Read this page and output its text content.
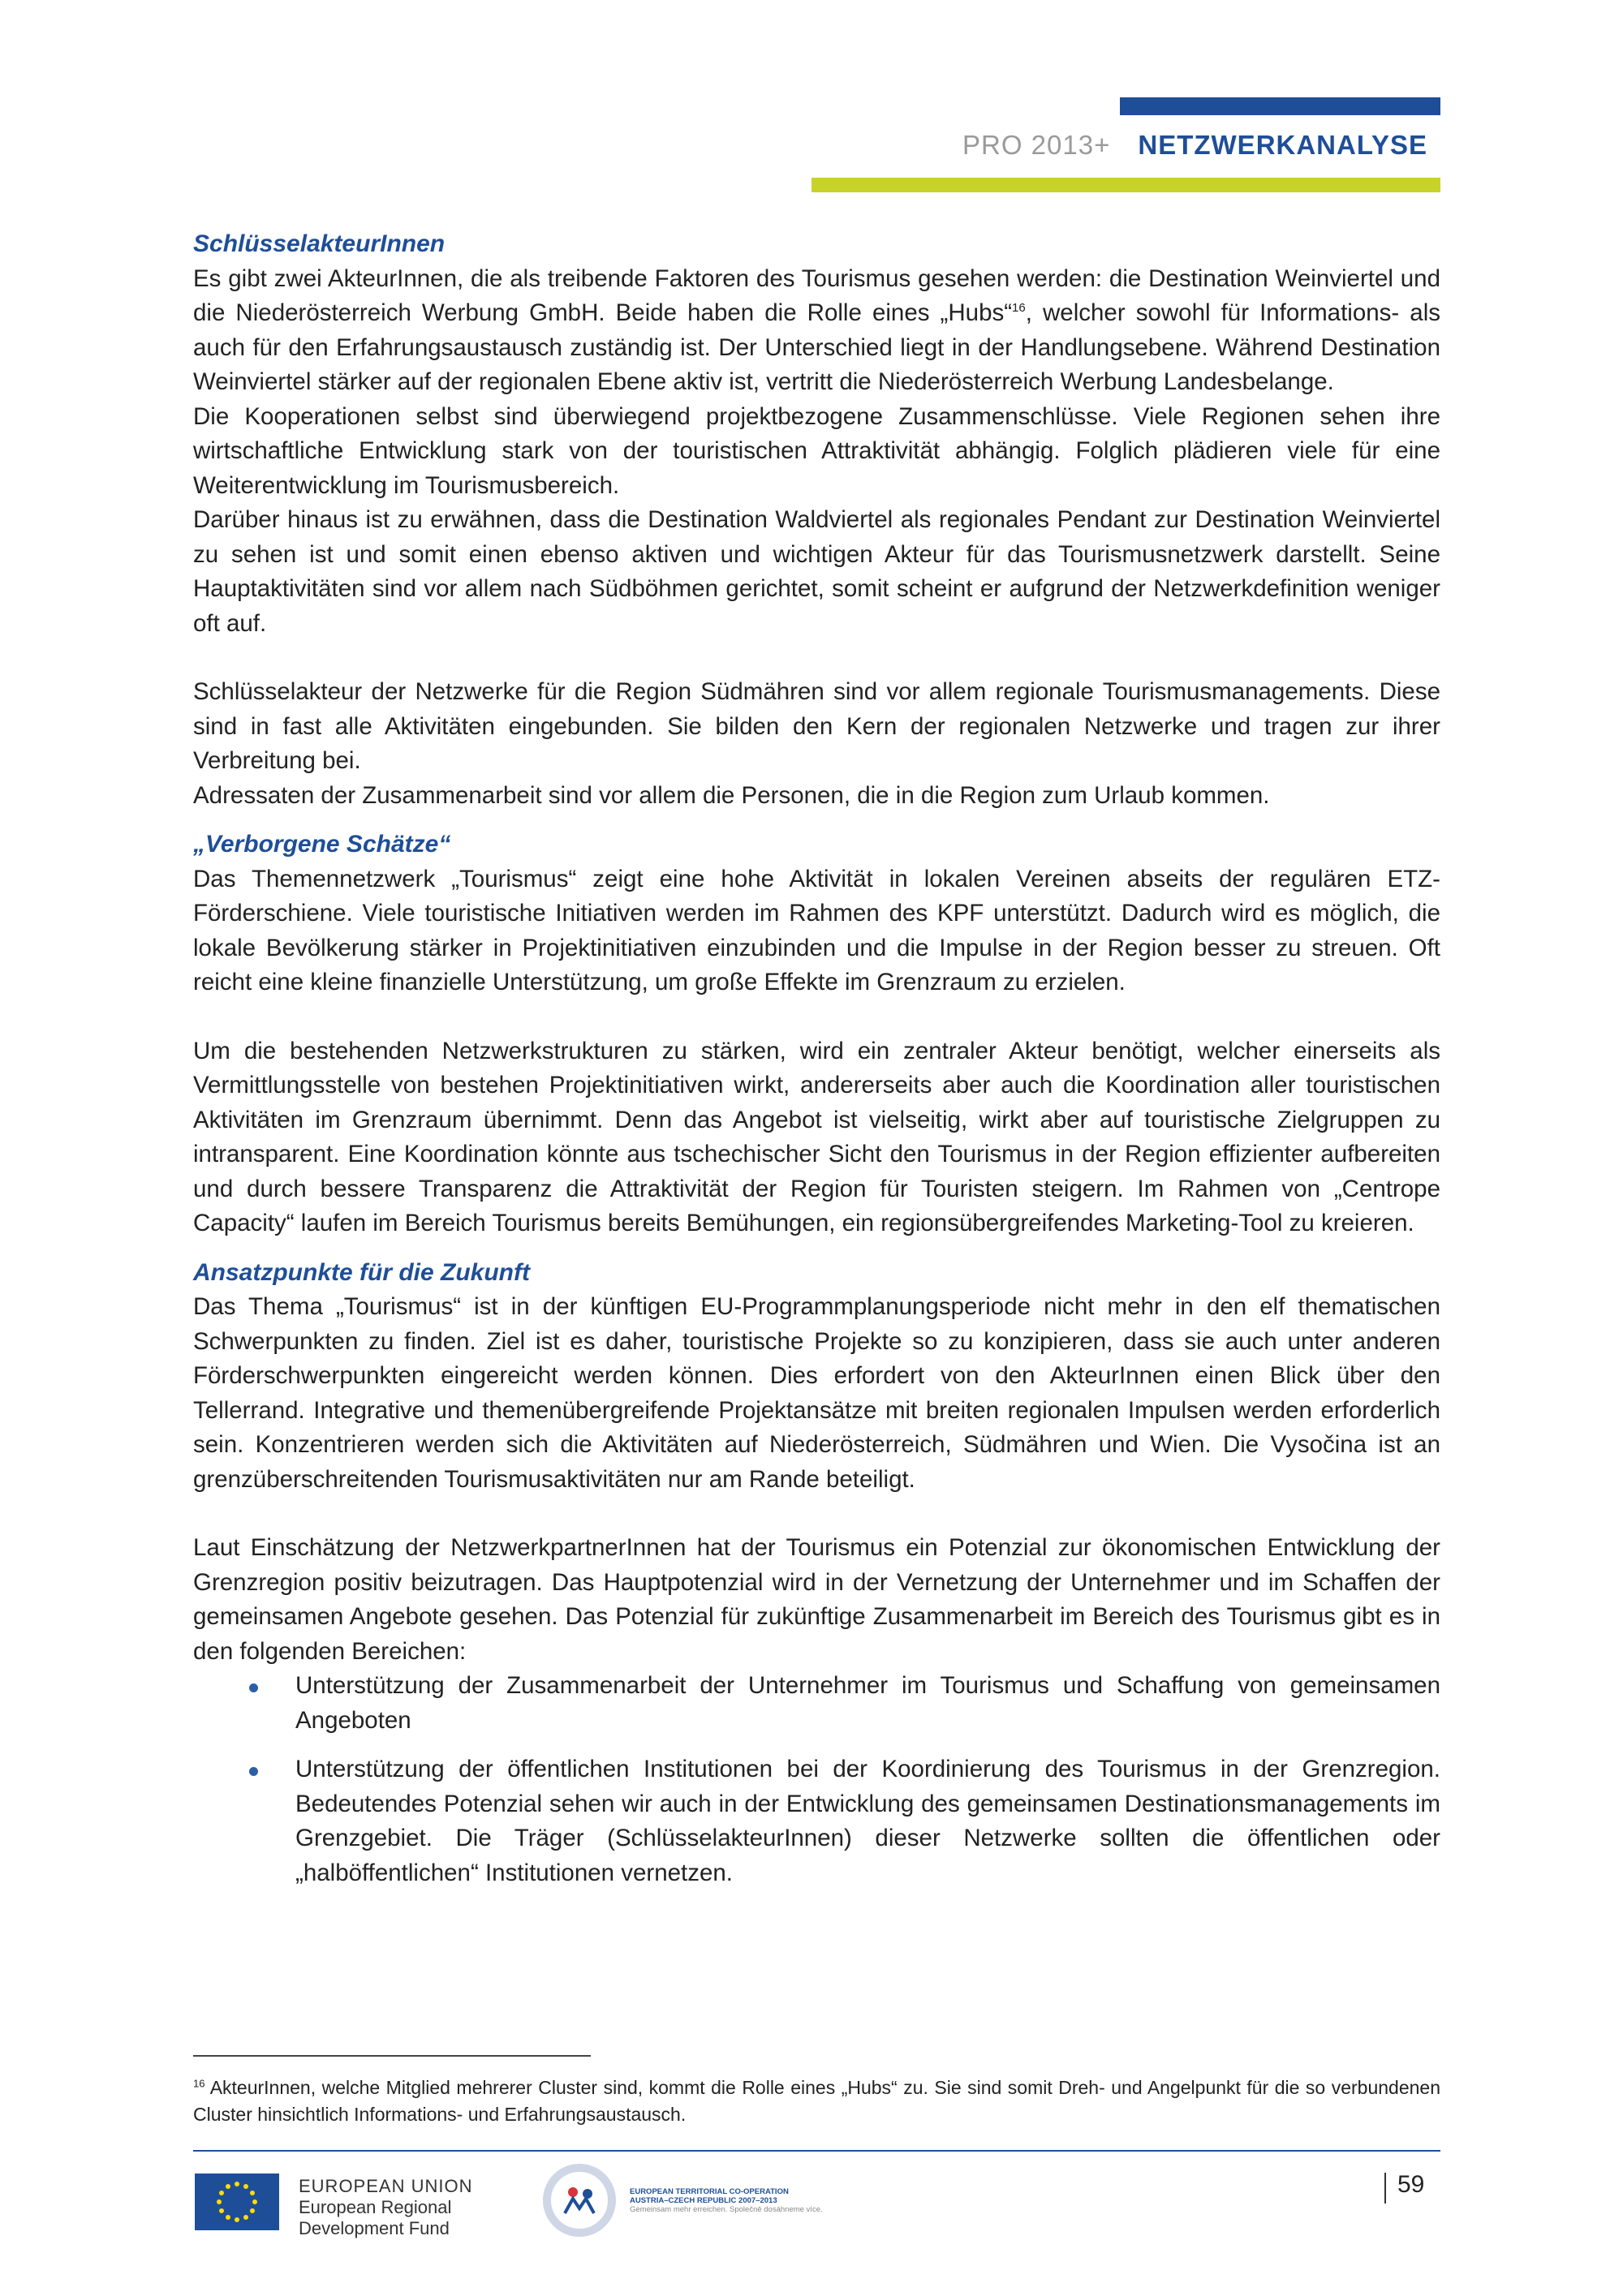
PRO 2013+ NETZWERKANALYSE
SchlüsselakteurInnen

Es gibt zwei AkteurInnen, die als treibende Faktoren des Tourismus gesehen werden: die Destination Weinviertel und die Niederösterreich Werbung GmbH. Beide haben die Rolle eines „Hubs“$^{16}$, welcher sowohl für Informations- als auch für den Erfahrungsaustausch zuständig ist. Der Unterschied liegt in der Handlungsebene. Während Destination Weinviertel stärker auf der regionalen Ebene aktiv ist, vertritt die Niederösterreich Werbung Landesbelange.

Die Kooperationen selbst sind überwiegend projektbezogene Zusammenschlüsse. Viele Regionen sehen ihre wirtschaftliche Entwicklung stark von der touristischen Attraktivität abhängig. Folglich plädieren viele für eine Weiterentwicklung im Tourismusbereich.

Darüber hinaus ist zu erwähnen, dass die Destination Waldviertel als regionales Pendant zur Destination Weinviertel zu sehen ist und somit einen ebenso aktiven und wichtigen Akteur für das Tourismusnetzwerk darstellt. Seine Hauptaktivitäten sind vor allem nach Südböhmen gerichtet, somit scheint er aufgrund der Netzwerkdefinition weniger oft auf.

Schlüsselakteur der Netzwerke für die Region Südmähren sind vor allem regionale Tourismusmanagements. Diese sind in fast alle Aktivitäten eingebunden. Sie bilden den Kern der regionalen Netzwerke und tragen zur ihrer Verbreitung bei.

Adressaten der Zusammenarbeit sind vor allem die Personen, die in die Region zum Urlaub kommen.

„Verborgene Schätze“

Das Themennetzwerk „Tourismus“ zeigt eine hohe Aktivität in lokalen Vereinen abseits der regulären ETZ-Förderschiene. Viele touristische Initiativen werden im Rahmen des KPF unterstützt. Dadurch wird es möglich, die lokale Bevölkerung stärker in Projektinitiativen einzubinden und die Impulse in der Region besser zu streuen. Oft reicht eine kleine finanzielle Unterstützung, um große Effekte im Grenzraum zu erzielen.

Um die bestehenden Netzwerkstrukturen zu stärken, wird ein zentraler Akteur benötigt, welcher einerseits als Vermittlungsstelle von bestehen Projektinitiativen wirkt, andererseits aber auch die Koordination aller touristischen Aktivitäten im Grenzraum übernimmt. Denn das Angebot ist vielseitig, wirkt aber auf touristische Zielgruppen zu intransparent. Eine Koordination könnte aus tschechischer Sicht den Tourismus in der Region effizienter aufbereiten und durch bessere Transparenz die Attraktivität der Region für Touristen steigern. Im Rahmen von „Centrope Capacity“ laufen im Bereich Tourismus bereits Bemühungen, ein regionsübergreifendes Marketing-Tool zu kreieren.

Ansatzpunkte für die Zukunft

Das Thema „Tourismus“ ist in der künftigen EU-Programmplanungsperiode nicht mehr in den elf thematischen Schwerpunkten zu finden. Ziel ist es daher, touristische Projekte so zu konzipieren, dass sie auch unter anderen Förderschwerpunkten eingereicht werden können. Dies erfordert von den AkteurInnen einen Blick über den Tellerrand. Integrative und themenübergreifende Projektansätze mit breiten regionalen Impulsen werden erforderlich sein. Konzentrieren werden sich die Aktivitäten auf Niederösterreich, Südmähren und Wien. Die Vysočina ist an grenzüberschreitenden Tourismusaktivitäten nur am Rande beteiligt.

Laut Einschätzung der NetzwerkpartnerInnen hat der Tourismus ein Potenzial zur ökonomischen Entwicklung der Grenzregion positiv beizutragen. Das Hauptpotenzial wird in der Vernetzung der Unternehmer und im Schaffen der gemeinsamen Angebote gesehen. Das Potenzial für zukünftige Zusammenarbeit im Bereich des Tourismus gibt es in den folgenden Bereichen:

Unterstützung der Zusammenarbeit der Unternehmer im Tourismus und Schaffung von gemeinsamen Angeboten

Unterstützung der öffentlichen Institutionen bei der Koordinierung des Tourismus in der Grenzregion. Bedeutendes Potenzial sehen wir auch in der Entwicklung des gemeinsamen Destinationsmanagements im Grenzgebiet. Die Träger (SchlüsselakteurInnen) dieser Netzwerke sollten die öffentlichen oder „halböffentlichen“ Institutionen vernetzen.

$^{16}$ AkteurInnen, welche Mitglied mehrerer Cluster sind, kommt die Rolle eines „Hubs“ zu. Sie sind somit Dreh- und Angelpunkt für die so verbundenen Cluster hinsichtlich Informations- und Erfahrungsaustausch.
EUROPEAN UNION
European Regional
Development Fund
EUROPEAN TERRITORIAL CO-OPERATION
AUSTRIA–CZECH REPUBLIC 2007–2013
Gemeinsam mehr erreichen. Společně dosáhneme více.
59
